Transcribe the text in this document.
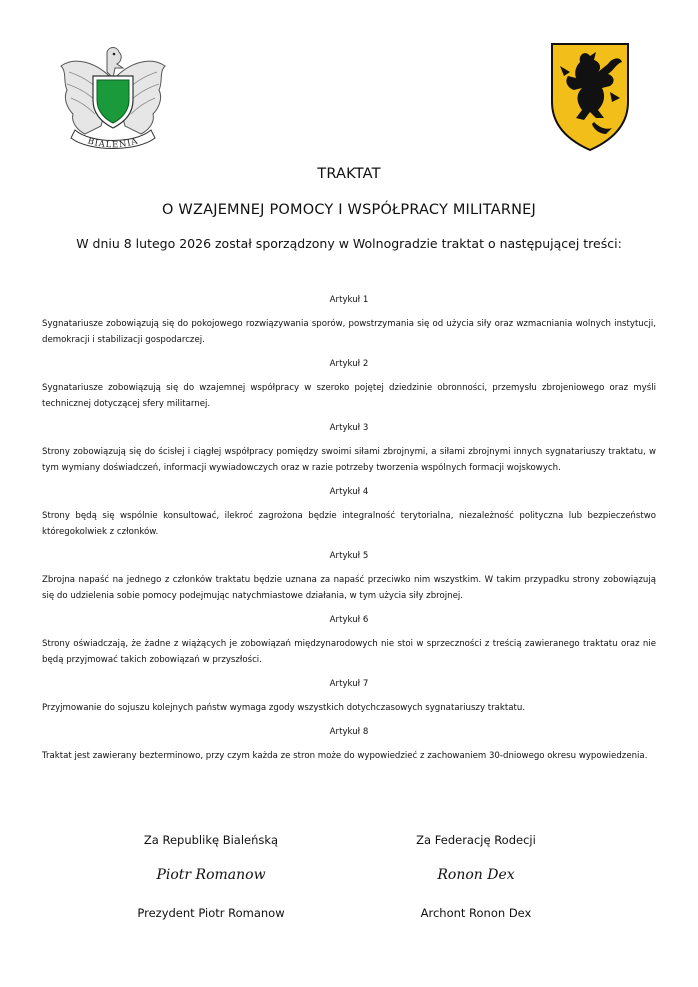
BIALENIA
TRAKTAT
O WZAJEMNEJ POMOCY I WSPÓŁPRACY MILITARNEJ
W dniu 8 lutego 2026 został sporządzony w Wolnogradzie traktat o następującej treści:

Artykuł 1

Sygnatariusze zobowiązują się do pokojowego rozwiązywania sporów, powstrzymania się od użycia siły oraz wzmacniania wolnych instytucji, demokracji i stabilizacji gospodarczej.

Artykuł 2

Sygnatariusze zobowiązują się do wzajemnej współpracy w szeroko pojętej dziedzinie obronności, przemysłu zbrojeniowego oraz myśli technicznej dotyczącej sfery militarnej.

Artykuł 3

Strony zobowiązują się do ścisłej i ciągłej współpracy pomiędzy swoimi siłami zbrojnymi, a siłami zbrojnymi innych sygnatariuszy traktatu, w tym wymiany doświadczeń, informacji wywiadowczych oraz w razie potrzeby tworzenia wspólnych formacji wojskowych.

Artykuł 4

Strony będą się wspólnie konsultować, ilekroć zagrożona będzie integralność terytorialna, niezależność polityczna lub bezpieczeństwo któregokolwiek z członków.

Artykuł 5

Zbrojna napaść na jednego z członków traktatu będzie uznana za napaść przeciwko nim wszystkim. W takim przypadku strony zobowiązują się do udzielenia sobie pomocy podejmując natychmiastowe działania, w tym użycia siły zbrojnej.

Artykuł 6

Strony oświadczają, że żadne z wiążących je zobowiązań międzynarodowych nie stoi w sprzeczności z treścią zawieranego traktatu oraz nie będą przyjmować takich zobowiązań w przyszłości.

Artykuł 7

Przyjmowanie do sojuszu kolejnych państw wymaga zgody wszystkich dotychczasowych sygnatariuszy traktatu.

Artykuł 8

Traktat jest zawierany bezterminowo, przy czym każda ze stron może do wypowiedzieć z zachowaniem 30-dniowego okresu wypowiedzenia.

Za Republikę Bialeńską
Piotr Romanow
Prezydent Piotr Romanow
Za Federację Rodecji
Ronon Dex
Archont Ronon Dex
